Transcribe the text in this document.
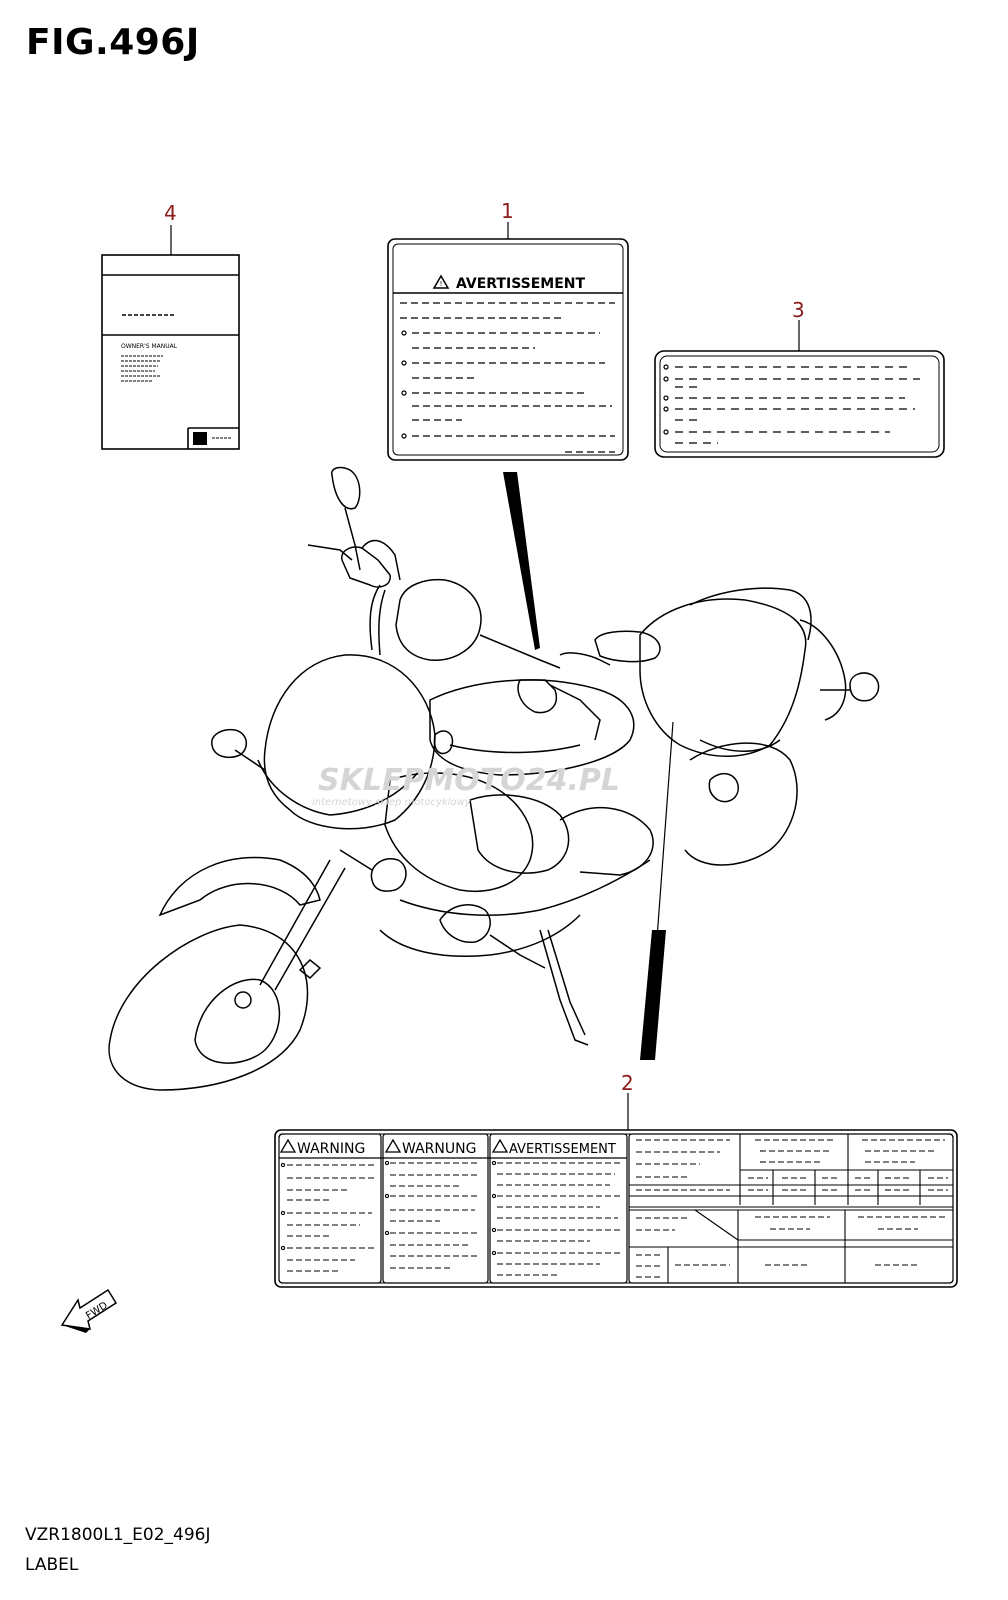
FIG.496J
OWNER'S MANUAL
! AVERTISSEMENT
WARNING	WARNUNG	AVERTISSEMENT
FWD
SKLEPMOTO24.PL
internetowy sklep motocyklowy
4	1
3
2
VZR1800L1_E02_496J
LABEL
